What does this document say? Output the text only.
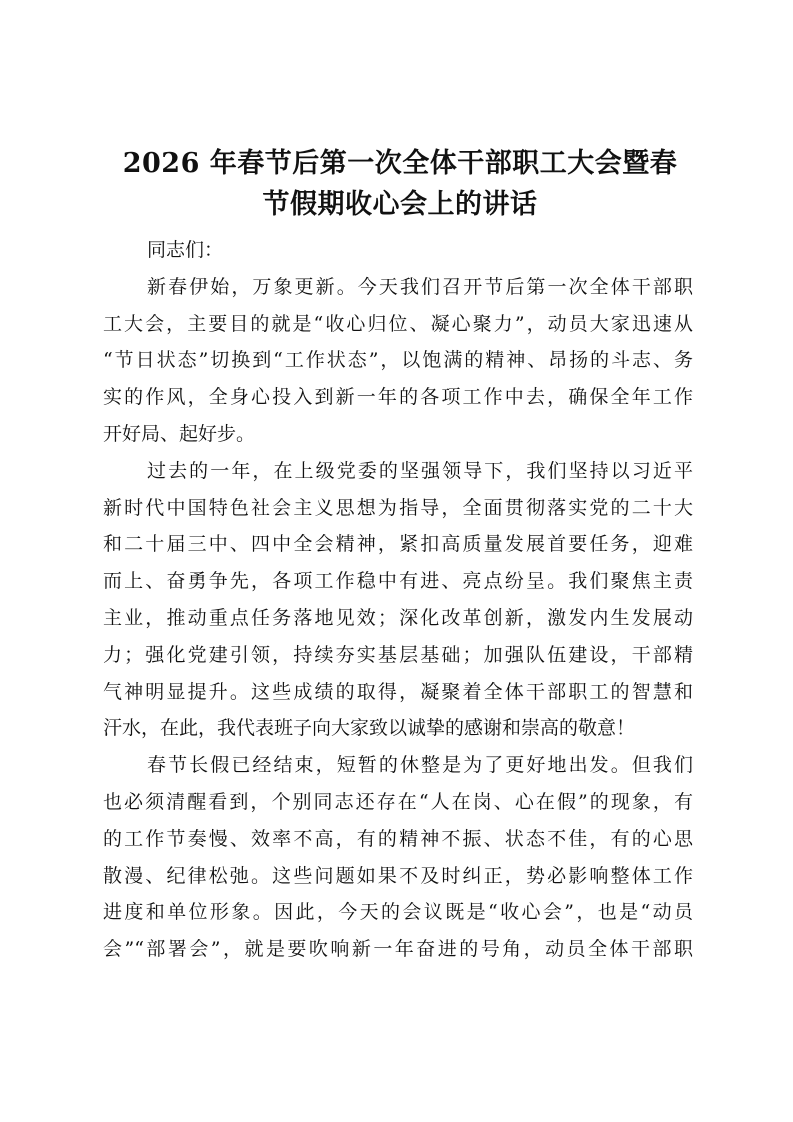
2026 年春节后第一次全体干部职工大会暨春
节假期收心会上的讲话
同志们：
新春伊始，万象更新。今天我们召开节后第一次全体干部职
工大会，主要目的就是“收心归位、凝心聚力”，动员大家迅速从
“节日状态”切换到“工作状态”，以饱满的精神、昂扬的斗志、务
实的作风，全身心投入到新一年的各项工作中去，确保全年工作
开好局、起好步。
过去的一年，在上级党委的坚强领导下，我们坚持以习近平
新时代中国特色社会主义思想为指导，全面贯彻落实党的二十大
和二十届三中、四中全会精神，紧扣高质量发展首要任务，迎难
而上、奋勇争先，各项工作稳中有进、亮点纷呈。我们聚焦主责
主业，推动重点任务落地见效；深化改革创新，激发内生发展动
力；强化党建引领，持续夯实基层基础；加强队伍建设，干部精
气神明显提升。这些成绩的取得，凝聚着全体干部职工的智慧和
汗水，在此，我代表班子向大家致以诚挚的感谢和崇高的敬意！
春节长假已经结束，短暂的休整是为了更好地出发。但我们
也必须清醒看到，个别同志还存在“人在岗、心在假”的现象，有
的工作节奏慢、效率不高，有的精神不振、状态不佳，有的心思
散漫、纪律松弛。这些问题如果不及时纠正，势必影响整体工作
进度和单位形象。因此，今天的会议既是“收心会”，也是“动员
会”“部署会”，就是要吹响新一年奋进的号角，动员全体干部职
